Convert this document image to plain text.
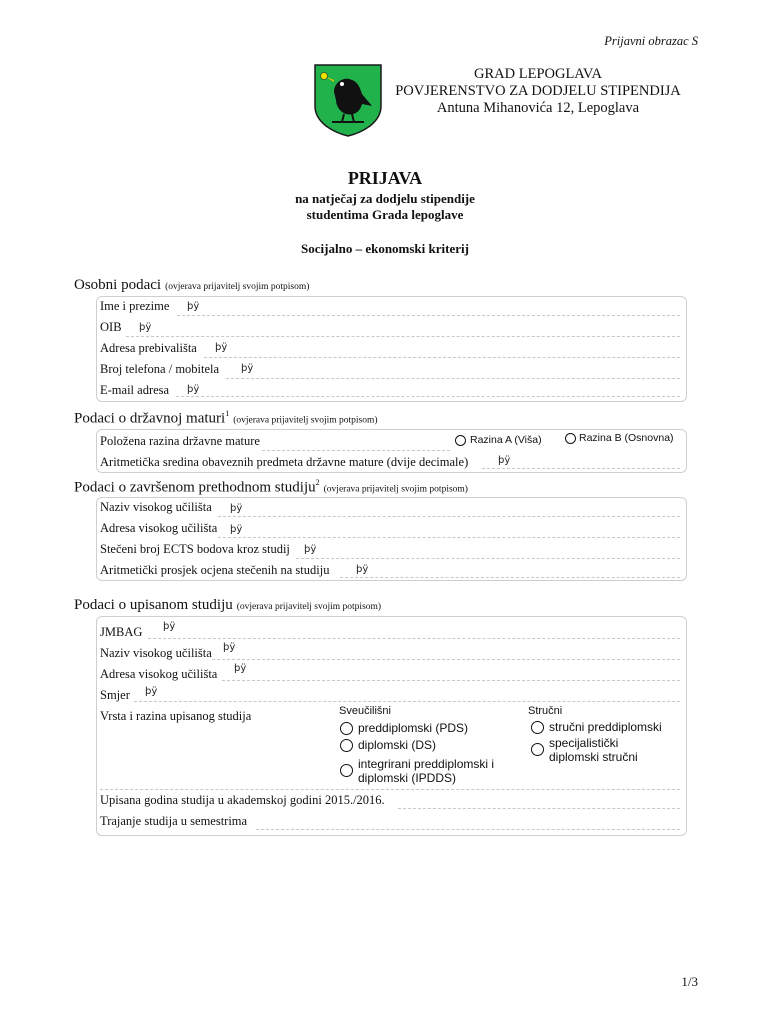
Prijavni obrazac S
GRAD LEPOGLAVA
POVJERENSTVO ZA DODJELU STIPENDIJA
Antuna Mihanovića 12, Lepoglava
PRIJAVA
na natječaj za dodjelu stipendije
studentima Grada lepoglave
Socijalno – ekonomski kriterij
Osobni podaci (ovjerava prijavitelj svojim potpisom)
Ime i prezime þÿ
OIB þÿ
Adresa prebivališta þÿ
Broj telefona / mobitela þÿ
E-mail adresa þÿ
Podaci o državnoj maturi$^1$ (ovjerava prijavitelj svojim potpisom)
Položena razina državne mature	Razina A (Viša)	Razina B (Osnovna)
Aritmetička sredina obaveznih predmeta državne mature (dvije decimale)	þÿ
Podaci o završenom prethodnom studiju$^2$ (ovjerava prijavitelj svojim potpisom)
Naziv visokog učilišta þÿ
Adresa visokog učilišta þÿ
Stečeni broj ECTS bodova kroz studij þÿ
Aritmetički prosjek ocjena stečenih na studiju	þÿ
Podaci o upisanom studiju (ovjerava prijavitelj svojim potpisom)
JMBAG þÿ
Naziv visokog učilišta þÿ
Adresa visokog učilišta þÿ
Smjer þÿ
Vrsta i razina upisanog studija	Sveučilišni
preddiplomski (PDS)
diplomski (DS)
integrirani preddiplomski i
diplomski (IPDDS)
Stručni
stručni preddiplomski
specijalistički
diplomski stručni
Upisana godina studija u akademskoj godini 2015./2016.
Trajanje studija u semestrima
1/3
